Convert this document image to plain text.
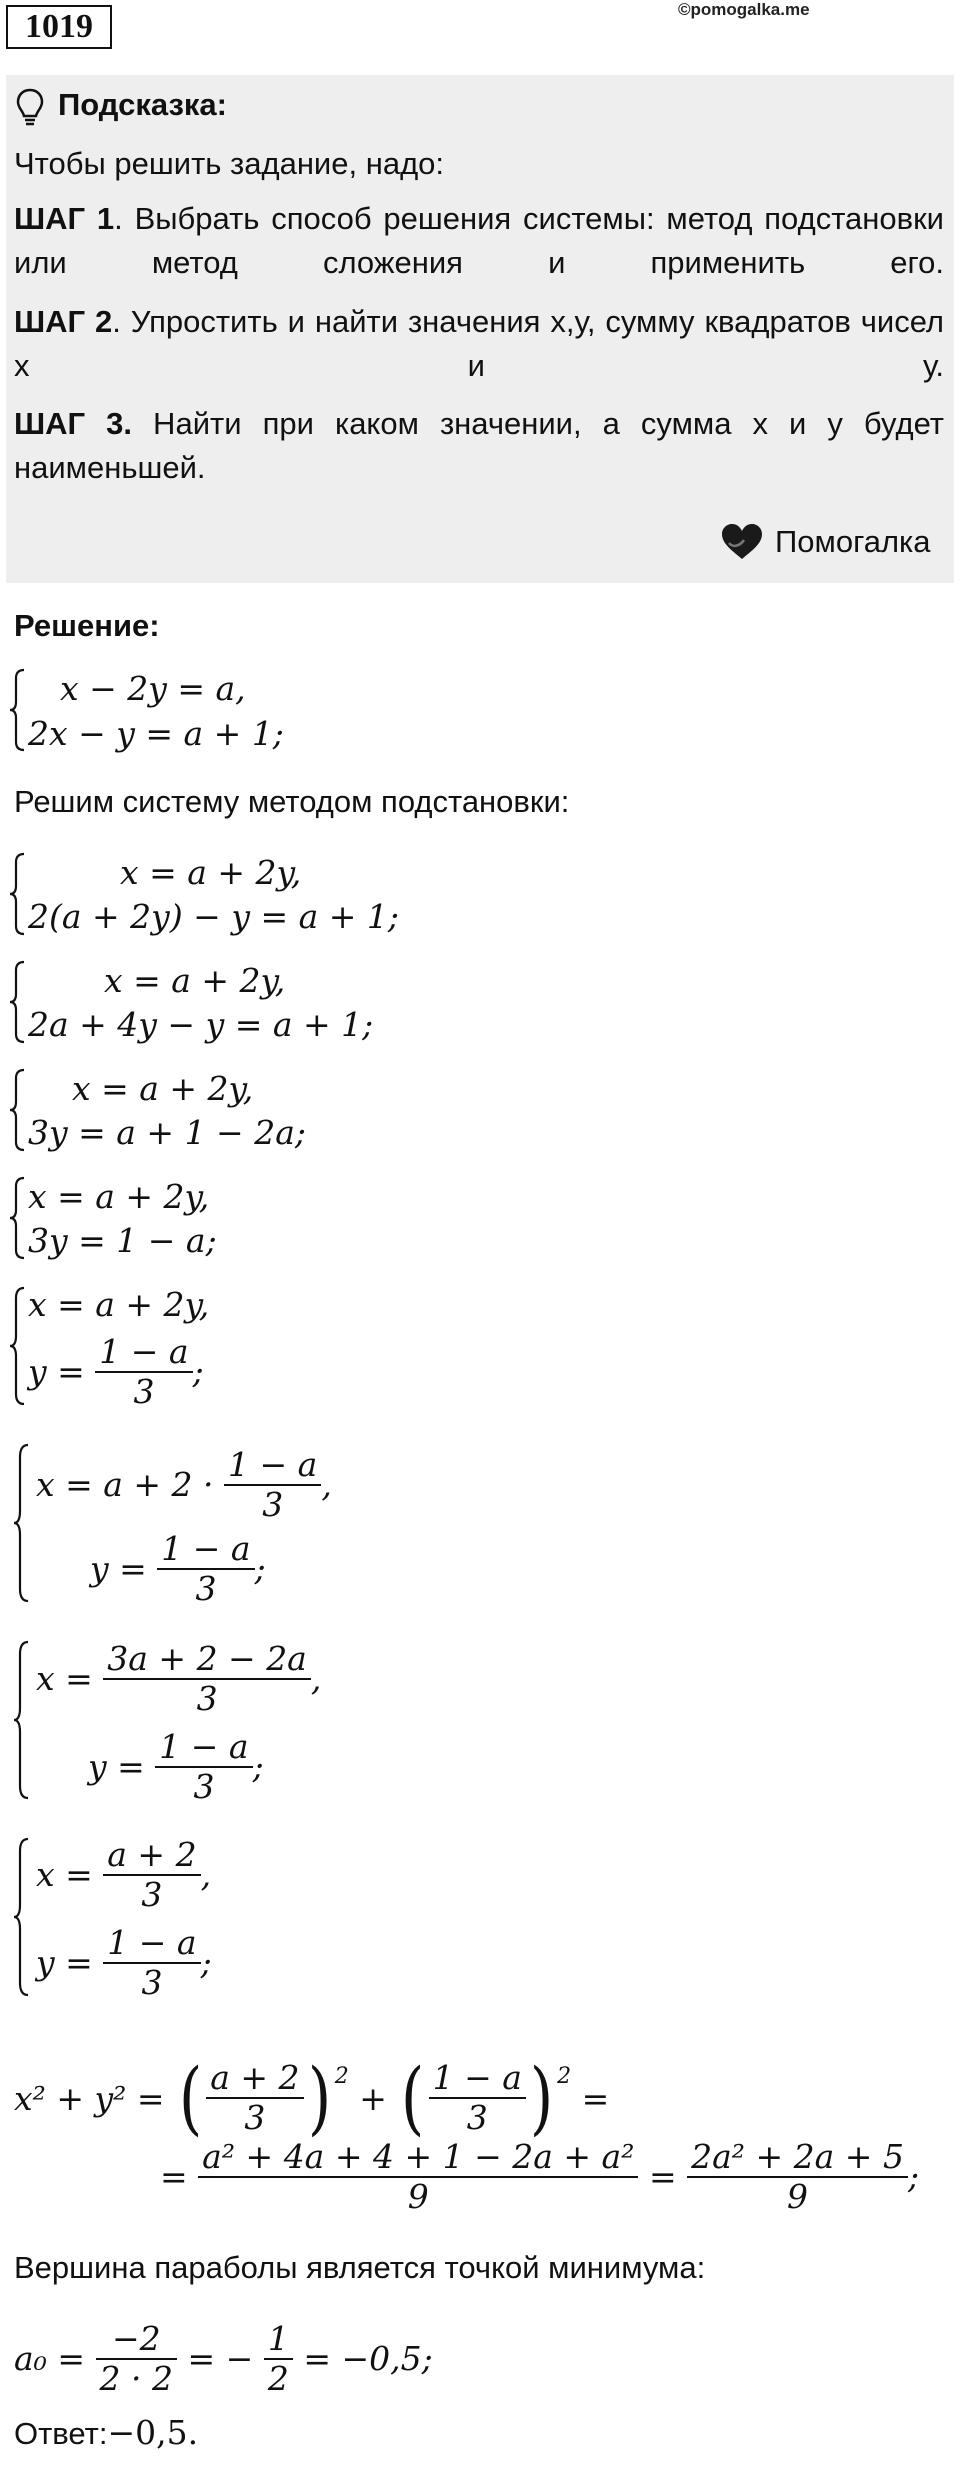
1019	©pomogalka.me
Подсказка:
Чтобы решить задание, надо:
ШАГ 1. Выбрать способ решения системы: метод подстановки или метод сложения и применить его.
ШАГ 2. Упростить и найти значения х,у, сумму квадратов чисел х и у.
ШАГ 3. Найти при каком значении, а сумма х и у будет наименьшей.
Помогалка
Решение:
x − 2y = a,
2x − y = a + 1;
Решим систему методом подстановки:
x = a + 2y,
2(a + 2y) − y = a + 1;
x = a + 2y,
2a + 4y − y = a + 1;
x = a + 2y,
3y = a + 1 − 2a;
x = a + 2y,
3y = 1 − a;
x = a + 2y,
y =
$\frac{1 - a}{3}$ ;
x = a + 2 ·
$\frac{1 - a}{3}$ ,
y =
$\frac{1 - a}{3}$ ;
x =
$\frac{3a + 2 - 2a}{3}$ ,
y =
$\frac{1 - a}{3}$ ;
x =
$\frac{a + 2}{3}$ ,
y =
$\frac{1 - a}{3}$ ;
x² + y² =
( $\frac{a + 2}{3} )^2$

+
( $\frac{1 - a}{3} )^2$

=
=
$\frac{\text{a² + 4a + 4 + 1 − 2a + a²}}{9}$
=
$\frac{\text{2a² + 2a + 5}}{9}$ ;
Вершина параболы является точкой минимума:
a₀ =
$\frac{-2}{2 \cdot 2}$
= −
$\frac{1}{2}$
= −0,5;
Ответ:−0,5.
